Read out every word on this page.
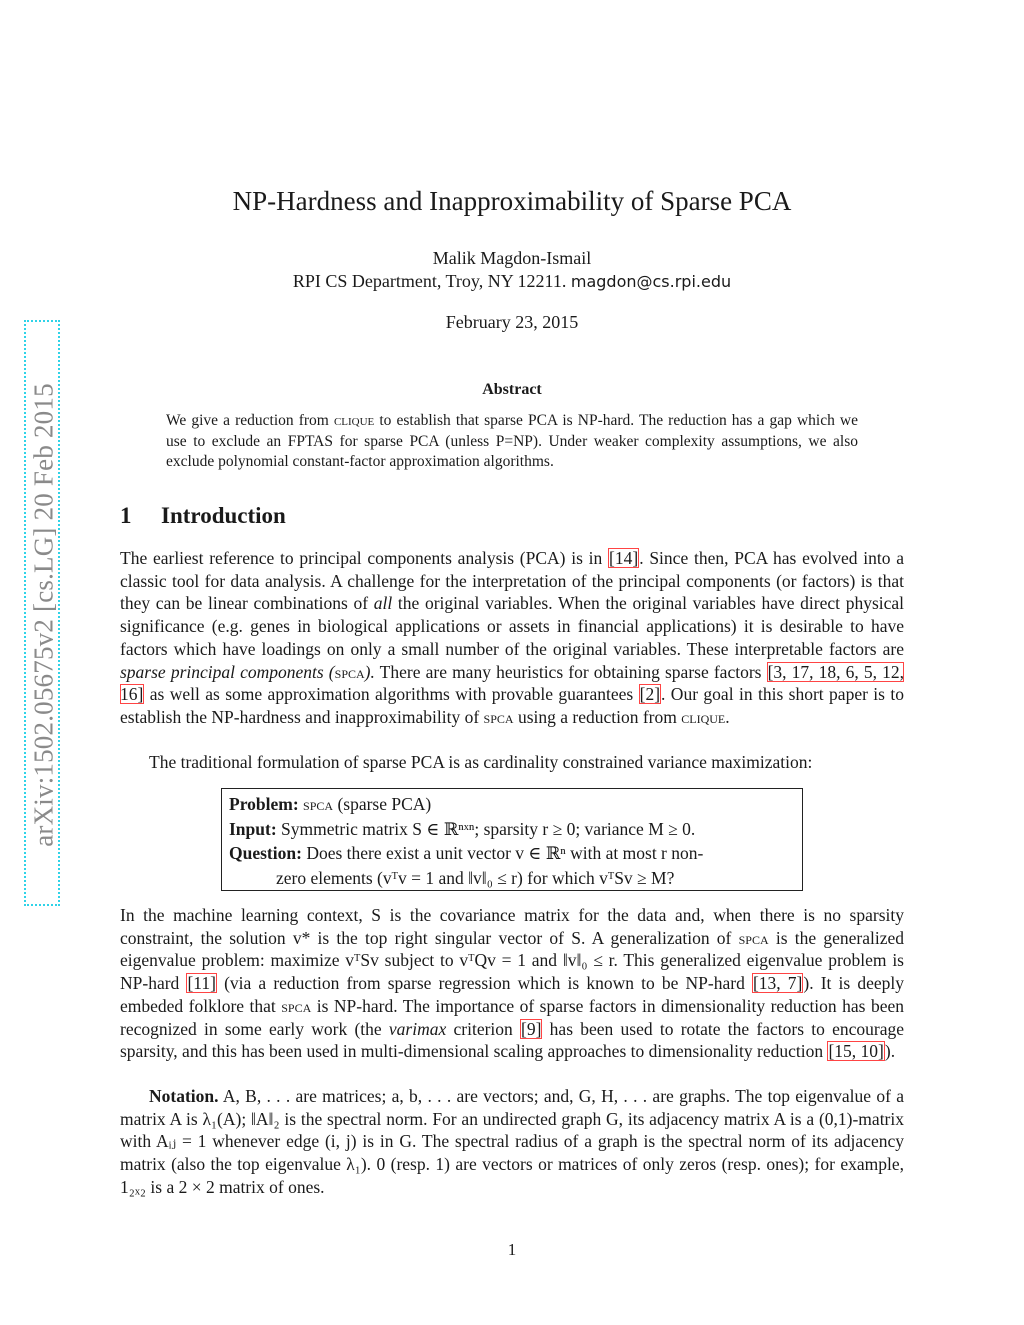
arXiv:1502.05675v2 [cs.LG] 20 Feb 2015
NP-Hardness and Inapproximability of Sparse PCA
Malik Magdon-Ismail
RPI CS Department, Troy, NY 12211. magdon@cs.rpi.edu
February 23, 2015
Abstract
We give a reduction from clique to establish that sparse PCA is NP-hard. The reduction has a gap which we use to exclude an FPTAS for sparse PCA (unless P=NP). Under weaker complexity assumptions, we also exclude polynomial constant-factor approximation algorithms.
1 Introduction
The earliest reference to principal components analysis (PCA) is in [14]. Since then, PCA has evolved into a classic tool for data analysis. A challenge for the interpretation of the principal components (or factors) is that they can be linear combinations of all the original variables. When the original variables have direct physical significance (e.g. genes in biological applications or assets in financial applications) it is desirable to have factors which have loadings on only a small number of the original variables. These interpretable factors are sparse principal components (spca). There are many heuristics for obtaining sparse factors [3, 17, 18, 6, 5, 12, 16] as well as some approximation algorithms with provable guarantees [2]. Our goal in this short paper is to establish the NP-hardness and inapproximability of spca using a reduction from clique.
The traditional formulation of sparse PCA is as cardinality constrained variance maximization:
Problem: spca (sparse PCA)
Input: Symmetric matrix S ∈ ℝⁿˣⁿ; sparsity r ≥ 0; variance M ≥ 0.
Question: Does there exist a unit vector v ∈ ℝⁿ with at most r non-
zero elements (vᵀv = 1 and ‖v‖₀ ≤ r) for which vᵀSv ≥ M?
In the machine learning context, S is the covariance matrix for the data and, when there is no sparsity constraint, the solution v* is the top right singular vector of S. A generalization of spca is the generalized eigenvalue problem: maximize vᵀSv subject to vᵀQv = 1 and ‖v‖₀ ≤ r. This generalized eigenvalue problem is NP-hard [11] (via a reduction from sparse regression which is known to be NP-hard [13, 7]). It is deeply embeded folklore that spca is NP-hard. The importance of sparse factors in dimensionality reduction has been recognized in some early work (the varimax criterion [9] has been used to rotate the factors to encourage sparsity, and this has been used in multi-dimensional scaling approaches to dimensionality reduction [15, 10]).
Notation. A, B, . . . are matrices; a, b, . . . are vectors; and, G, H, . . . are graphs. The top eigenvalue of a matrix A is λ₁(A); ‖A‖₂ is the spectral norm. For an undirected graph G, its adjacency matrix A is a (0,1)-matrix with Aᵢⱼ = 1 whenever edge (i, j) is in G. The spectral radius of a graph is the spectral norm of its adjacency matrix (also the top eigenvalue λ₁). 0 (resp. 1) are vectors or matrices of only zeros (resp. ones); for example, 1₂ₓ₂ is a 2 × 2 matrix of ones.
1
